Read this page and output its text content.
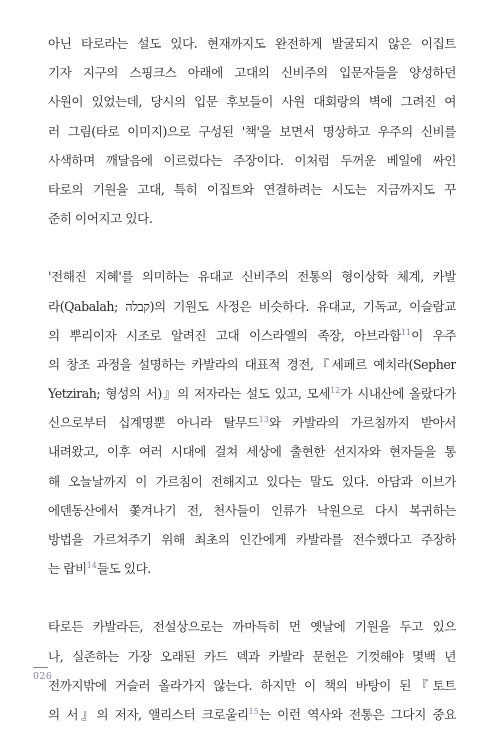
아닌 타로라는 설도 있다. 현재까지도 완전하게 발굴되지 않은 이집트
기자 지구의 스핑크스 아래에 고대의 신비주의 입문자들을 양성하던
사원이 있었는데, 당시의 입문 후보들이 사원 대회랑의 벽에 그려진 여
러 그림(타로 이미지)으로 구성된 '책'을 보면서 명상하고 우주의 신비를
사색하며 깨달음에 이르렀다는 주장이다. 이처럼 두꺼운 베일에 싸인
타로의 기원을 고대, 특히 이집트와 연결하려는 시도는 지금까지도 꾸
준히 이어지고 있다.
'전해진 지혜'를 의미하는 유대교 신비주의 전통의 형이상학 체계, 카발
라(Qabalah; קבלה)의 기원도 사정은 비슷하다. 유대교, 기독교, 이슬람교
의 뿌리이자 시조로 알려진 고대 이스라엘의 족장, 아브라함$^{11}$이 우주
의 창조 과정을 설명하는 카발라의 대표적 경전,『세페르 예치라(Sepher
Yetzirah; 형성의 서)』의 저자라는 설도 있고, 모세$^{12}$가 시내산에 올랐다가
신으로부터 십계명뿐 아니라 탈무드$^{13}$와 카발라의 가르침까지 받아서
내려왔고, 이후 여러 시대에 걸쳐 세상에 출현한 선지자와 현자들을 통
해 오늘날까지 이 가르침이 전해지고 있다는 말도 있다. 아담과 이브가
에덴동산에서 쫓겨나기 전, 천사들이 인류가 낙원으로 다시 복귀하는
방법을 가르쳐주기 위해 최초의 인간에게 카발라를 전수했다고 주장하
는 랍비$^{14}$들도 있다.
타로든 카발라든, 전설상으로는 까마득히 먼 옛날에 기원을 두고 있으
나, 실존하는 가장 오래된 카드 덱과 카발라 문헌은 기껏해야 몇백 년
전까지밖에 거슬러 올라가지 않는다. 하지만 이 책의 바탕이 된『토트
의 서』의 저자, 앨리스터 크로울리$^{15}$는 이런 역사와 전통은 그다지 중요
026
